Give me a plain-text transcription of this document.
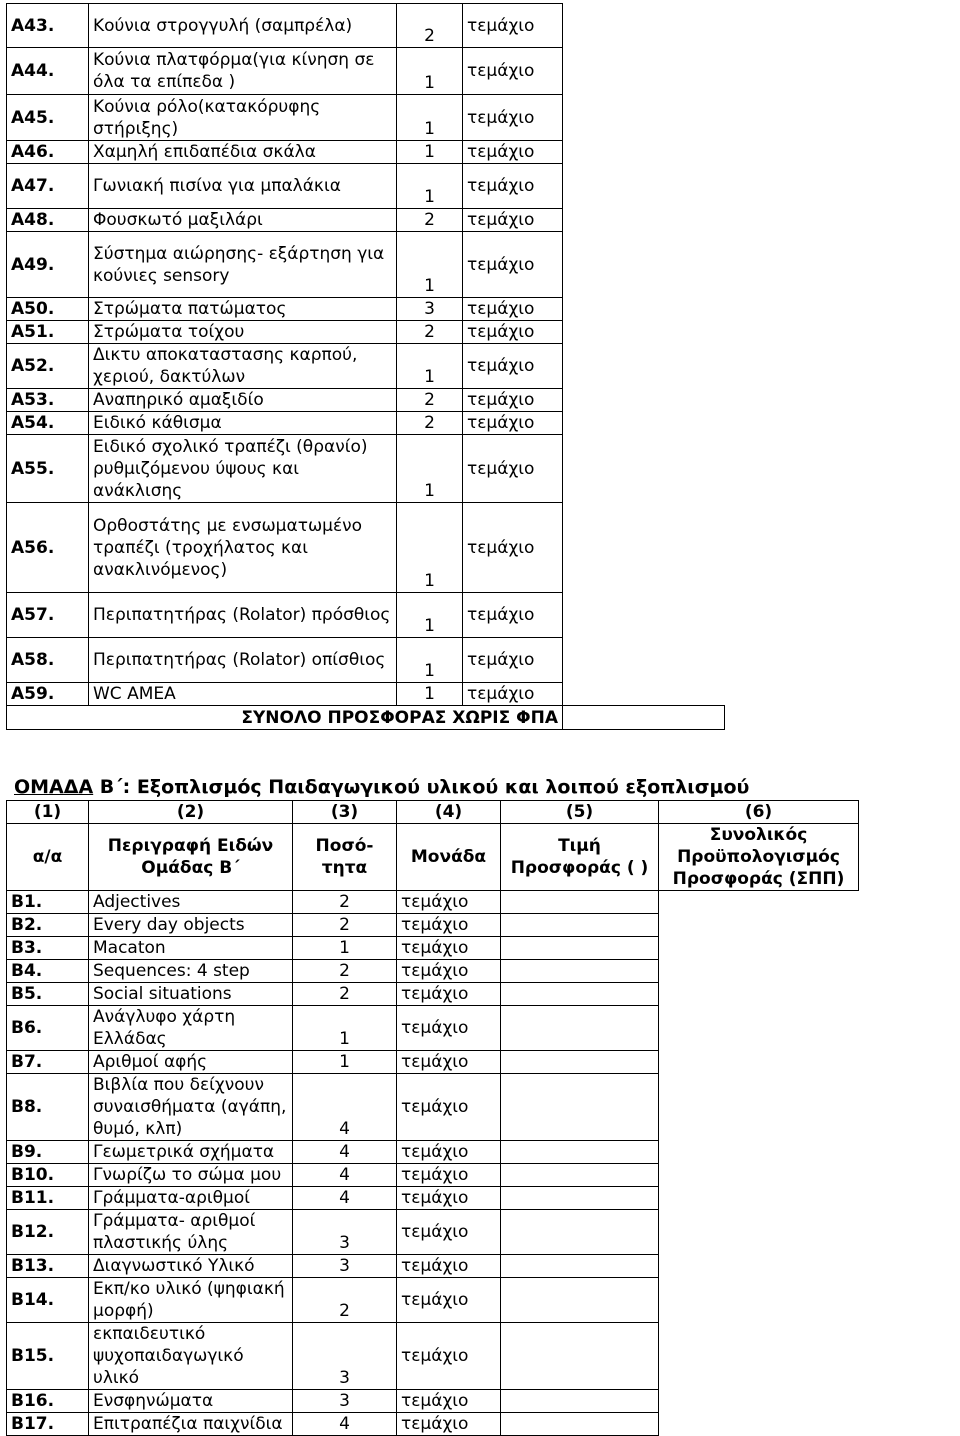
Α43.	Κούνια στρογγυλή (σαμπρέλα)	2	τεμάχιο	
Α44.	Κούνια πλατφόρμα(για κίνηση σε όλα τα επίπεδα )	1	τεμάχιο	
Α45.	Κούνια ρόλο(κατακόρυφης στήριξης)	1	τεμάχιο	
Α46.	Χαμηλή επιδαπέδια σκάλα	1	τεμάχιο	
Α47.	Γωνιακή πισίνα για μπαλάκια	1	τεμάχιο	
Α48.	Φουσκωτό μαξιλάρι	2	τεμάχιο	
Α49.	Σύστημα αιώρησης- εξάρτηση για κούνιες sensory	1	τεμάχιο	
Α50.	Στρώματα πατώματος	3	τεμάχιο	
Α51.	Στρώματα τοίχου	2	τεμάχιο	
Α52.	Δικτυ αποκαταστασης καρπού, χεριού, δακτύλων	1	τεμάχιο	
Α53.	Αναπηρικό αμαξιδίο	2	τεμάχιο	
Α54.	Ειδικό κάθισμα	2	τεμάχιο	
Α55.	Ειδικό σχολικό τραπέζι (θρανίο) ρυθμιζόμενου ύψους και ανάκλισης	1	τεμάχιο	
Α56.	Ορθοστάτης με ενσωματωμένο τραπέζι (τροχήλατος και ανακλινόμενος)	1	τεμάχιο	
Α57.	Περιπατητήρας (Rolator) πρόσθιος	1	τεμάχιο	
Α58.	Περιπατητήρας (Rolator) οπίσθιος	1	τεμάχιο	
Α59.	WC ΑΜΕΑ	1	τεμάχιο	
ΣΥΝΟΛΟ ΠΡΟΣΦΟΡΑΣ ΧΩΡΙΣ ΦΠΑ				
ΟΜΑΔΑ Β΄: Εξοπλισμός Παιδαγωγικού υλικού και λοιπού εξοπλισμού
(1)	(2)	(3)	(4)	(5)	(6)
α/α	Περιγραφή Ειδών Ομάδας Β΄	Ποσό- τητα	Μονάδα	Τιμή Προσφοράς ( )	Συνολικός Προϋπολογισμός Προσφοράς (ΣΠΠ)
Β1.	Adjectives	2	τεμάχιο		
Β2.	Every day objects	2	τεμάχιο		
Β3.	Macaton	1	τεμάχιο		
Β4.	Sequences: 4 step	2	τεμάχιο		
Β5.	Social situations	2	τεμάχιο		
Β6.	Ανάγλυφο χάρτη Ελλάδας	1	τεμάχιο		
Β7.	Αριθμοί αφής	1	τεμάχιο		
Β8.	Βιβλία που δείχνουν συναισθήματα (αγάπη, θυμό, κλπ)	4	τεμάχιο		
Β9.	Γεωμετρικά σχήματα	4	τεμάχιο		
Β10.	Γνωρίζω το σώμα μου	4	τεμάχιο		
Β11.	Γράμματα-αριθμοί	4	τεμάχιο		
Β12.	Γράμματα- αριθμοί πλαστικής ύλης	3	τεμάχιο		
Β13.	Διαγνωστικό Υλικό	3	τεμάχιο		
Β14.	Εκπ/κο υλικό (ψηφιακή μορφή)	2	τεμάχιο		
Β15.	εκπαιδευτικό ψυχοπαιδαγωγικό υλικό	3	τεμάχιο		
Β16.	Ενσφηνώματα	3	τεμάχιο		
Β17.	Επιτραπέζια παιχνίδια	4	τεμάχιο		
